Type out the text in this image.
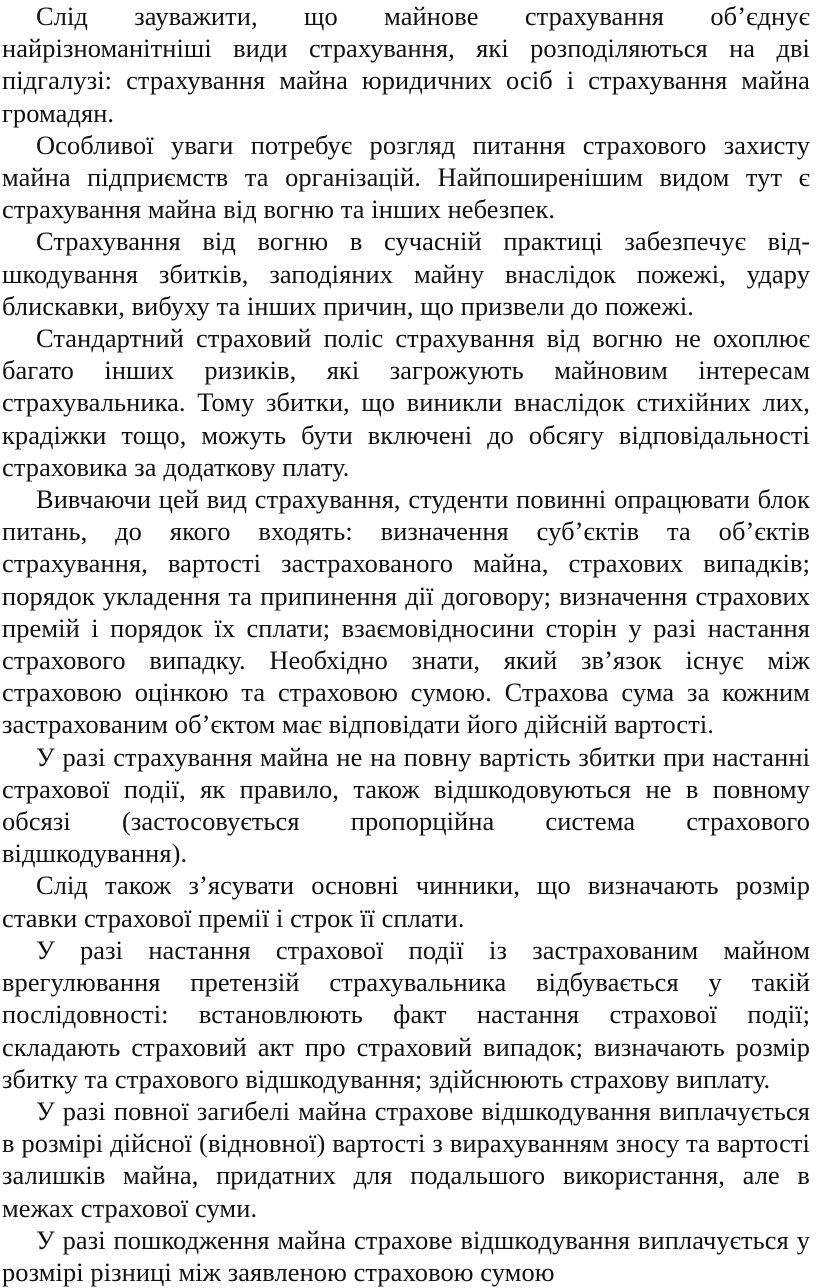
Слід зауважити, що майнове страхування об’єднує найрізноманітніші види страхування, які розподіляються на дві підгалузі: страхування майна юридичних осіб і страхування майна громадян.

Особливої уваги потребує розгляд питання страхового захисту майна підприємств та організацій. Найпоширенішим видом тут є страхування майна від вогню та інших небезпек.

Страхування від вогню в сучасній практиці забезпечує відшкодування збитків, заподіяних майну внаслідок пожежі, удару блискавки, вибуху та інших причин, що призвели до пожежі.

Стандартний страховий поліс страхування від вогню не охоплює багато інших ризиків, які загрожують майновим інтересам страхувальника. Тому збитки, що виникли внаслідок стихійних лих, крадіжки тощо, можуть бути включені до обсягу відповідальності страховика за додаткову плату.

Вивчаючи цей вид страхування, студенти повинні опрацювати блок питань, до якого входять: визначення суб’єктів та об’єктів страхування, вартості застрахованого майна, страхових випадків; порядок укладення та припинення дії договору; визначення страхових премій і порядок їх сплати; взаємовідносини сторін у разі настання страхового випадку. Необхідно знати, який зв’язок існує між страховою оцінкою та страховою сумою. Страхова сума за кожним застрахованим об’єктом має відповідати його дійсній вартості.

У разі страхування майна не на повну вартість збитки при настанні страхової події, як правило, також відшкодовуються не в повному обсязі (застосовується пропорційна система страхового відшкодування).

Слід також з’ясувати основні чинники, що визначають розмір ставки страхової премії і строк її сплати.

У разі настання страхової події із застрахованим майном врегулювання претензій страхувальника відбувається у такій послідовності: встановлюють факт настання страхової події; складають страховий акт про страховий випадок; визначають розмір збитку та страхового відшкодування; здійснюють страхову виплату.

У разі повної загибелі майна страхове відшкодування виплачується в розмірі дійсної (відновної) вартості з вирахуванням зносу та вартості залишків майна, придатних для подальшого використання, але в межах страхової суми.

У разі пошкодження майна страхове відшкодування виплачується у розмірі різниці між заявленою страховою сумою
